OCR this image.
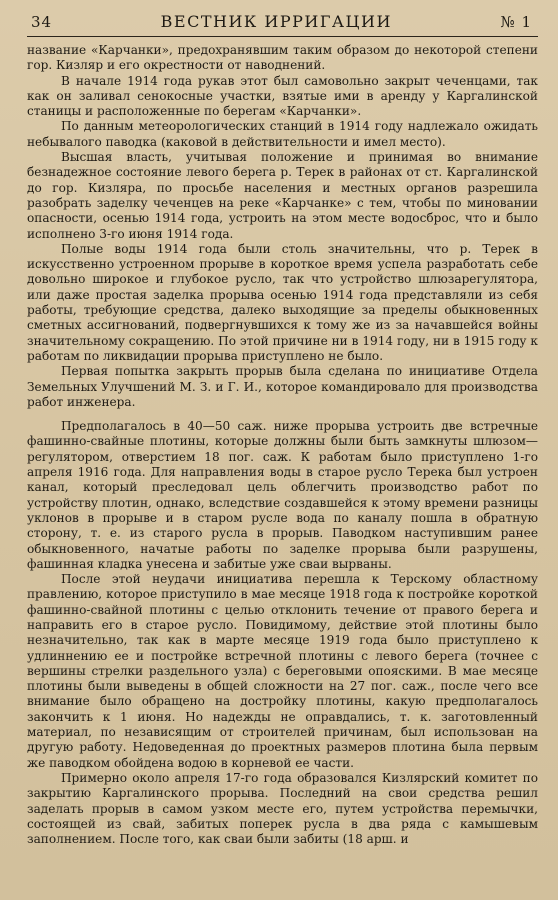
34	ВЕСТНИК ИРРИГАЦИИ	№ 1

название «Карчанки», предохранявшим таким образом до некоторой степени гор. Кизляр и его окрестности от наводнений.

В начале 1914 года рукав этот был самовольно закрыт чеченцами, так как он заливал сенокосные участки, взятые ими в аренду у Каргалинской станицы и расположенные по берегам «Карчанки».

По данным метеорологических станций в 1914 году надлежало ожидать небывалого паводка (каковой в действительности и имел место).

Высшая власть, учитывая положение и принимая во внимание безнадежное состояние левого берега р. Терек в районах от ст. Каргалинской до гор. Кизляра, по просьбе населения и местных органов разрешила разобрать заделку чеченцев на реке «Карчанке» с тем, чтобы по миновании опасности, осенью 1914 года, устроить на этом месте водосброс, что и было исполнено 3-го июня 1914 года.

Полые воды 1914 года были столь значительны, что р. Терек в искусственно устроенном прорыве в короткое время успела разработать себе довольно широкое и глубокое русло, так что устройство шлюзарегулятора, или даже простая заделка прорыва осенью 1914 года представляли из себя работы, требующие средства, далеко выходящие за пределы обыкновенных сметных ассигнований, подвергнувшихся к тому же из за начавшейся войны значительному сокращению. По этой причине ни в 1914 году, ни в 1915 году к работам по ликвидации прорыва приступлено не было.

Первая попытка закрыть прорыв была сделана по инициативе Отдела Земельных Улучшений М. З. и Г. И., которое командировало для производства работ инженера.

Предполагалось в 40—50 саж. ниже прорыва устроить две встречные фашинно-свайные плотины, которые должны были быть замкнуты шлюзом—регулятором, отверстием 18 пог. саж. К работам было приступлено 1-го апреля 1916 года. Для направления воды в старое русло Терека был устроен канал, который преследовал цель облегчить производство работ по устройству плотин, однако, вследствие создавшейся к этому времени разницы уклонов в прорыве и в старом русле вода по каналу пошла в обратную сторону, т. е. из старого русла в прорыв. Паводком наступившим ранее обыкновенного, начатые работы по заделке прорыва были разрушены, фашинная кладка унесена и забитые уже сваи вырваны.

После этой неудачи инициатива перешла к Терскому областному правлению, которое приступило в мае месяце 1918 года к постройке короткой фашинно-свайной плотины с целью отклонить течение от правого берега и направить его в старое русло. Повидимому, действие этой плотины было незначительно, так как в марте месяце 1919 года было приступлено к удлиннению ее и постройке встречной плотины с левого берега (точнее с вершины стрелки раздельного узла) с береговыми опояскими. В мае месяце плотины были выведены в общей сложности на 27 пог. саж., после чего все внимание было обращено на достройку плотины, какую предполагалось закончить к 1 июня. Но надежды не оправдались, т. к. заготовленный материал, по независящим от строителей причинам, был использован на другую работу. Недоведенная до проектных размеров плотина была первым же паводком обойдена водою в корневой ее части.

Примерно около апреля 17-го года образовался Кизлярский комитет по закрытию Каргалинского прорыва. Последний на свои средства решил заделать прорыв в самом узком месте его, путем устройства перемычки, состоящей из свай, забитых поперек русла в два ряда с камышевым заполнением. После того, как сваи были забиты (18 арш. и
